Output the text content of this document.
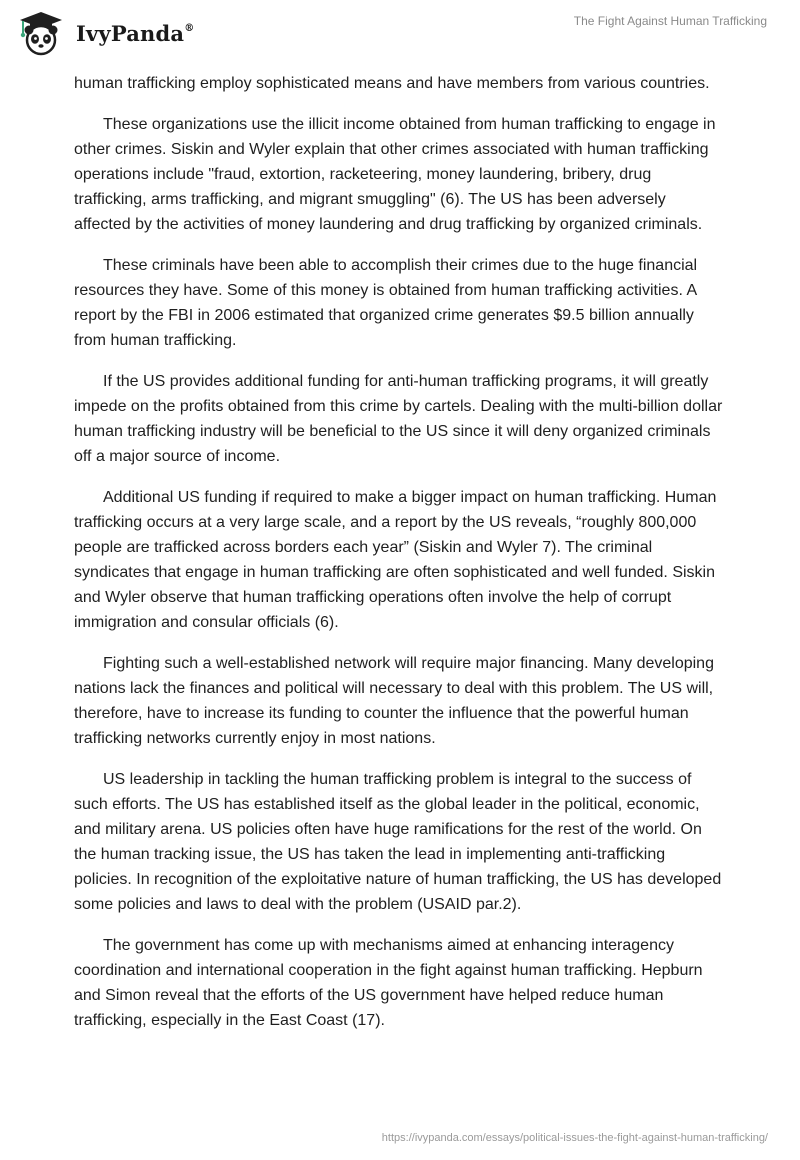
IvyPanda®	The Fight Against Human Trafficking

human trafficking employ sophisticated means and have members from various countries.

These organizations use the illicit income obtained from human trafficking to engage in other crimes. Siskin and Wyler explain that other crimes associated with human trafficking operations include "fraud, extortion, racketeering, money laundering, bribery, drug trafficking, arms trafficking, and migrant smuggling" (6). The US has been adversely affected by the activities of money laundering and drug trafficking by organized criminals.

These criminals have been able to accomplish their crimes due to the huge financial resources they have. Some of this money is obtained from human trafficking activities. A report by the FBI in 2006 estimated that organized crime generates $9.5 billion annually from human trafficking.

If the US provides additional funding for anti-human trafficking programs, it will greatly impede on the profits obtained from this crime by cartels. Dealing with the multi-billion dollar human trafficking industry will be beneficial to the US since it will deny organized criminals off a major source of income.

Additional US funding if required to make a bigger impact on human trafficking. Human trafficking occurs at a very large scale, and a report by the US reveals, “roughly 800,000 people are trafficked across borders each year” (Siskin and Wyler 7). The criminal syndicates that engage in human trafficking are often sophisticated and well funded. Siskin and Wyler observe that human trafficking operations often involve the help of corrupt immigration and consular officials (6).

Fighting such a well-established network will require major financing. Many developing nations lack the finances and political will necessary to deal with this problem. The US will, therefore, have to increase its funding to counter the influence that the powerful human trafficking networks currently enjoy in most nations.

US leadership in tackling the human trafficking problem is integral to the success of such efforts. The US has established itself as the global leader in the political, economic, and military arena. US policies often have huge ramifications for the rest of the world. On the human tracking issue, the US has taken the lead in implementing anti-trafficking policies. In recognition of the exploitative nature of human trafficking, the US has developed some policies and laws to deal with the problem (USAID par.2).

The government has come up with mechanisms aimed at enhancing interagency coordination and international cooperation in the fight against human trafficking. Hepburn and Simon reveal that the efforts of the US government have helped reduce human trafficking, especially in the East Coast (17).

https://ivypanda.com/essays/political-issues-the-fight-against-human-trafficking/
